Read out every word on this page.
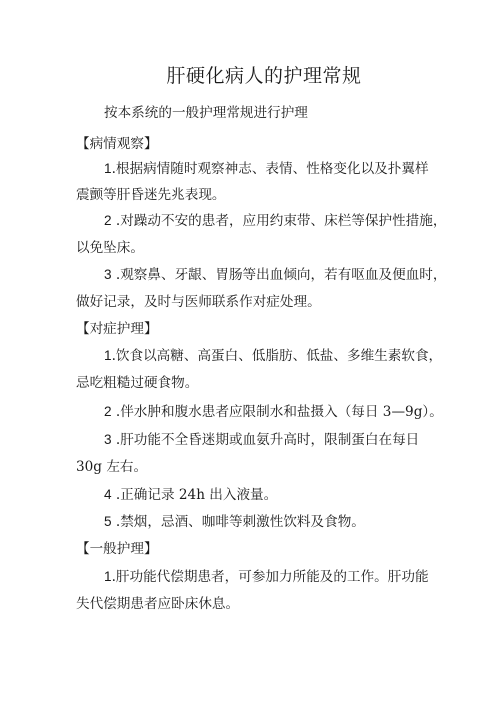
肝硬化病人的护理常规
按本系统的一般护理常规进行护理
【病情观察】
1.根据病情随时观察神志、表情、性格变化以及扑翼样
震颤等肝昏迷先兆表现。
2 .对躁动不安的患者，应用约束带、床栏等保护性措施，
以免坠床。
3 .观察鼻、牙龈、胃肠等出血倾向，若有呕血及便血时，
做好记录，及时与医师联系作对症处理。
【对症护理】
1.饮食以高糖、高蛋白、低脂肪、低盐、多维生素软食，
忌吃粗糙过硬食物。
2 .伴水肿和腹水患者应限制水和盐摄入（每日 3—9g）。
3 .肝功能不全昏迷期或血氨升高时，限制蛋白在每日
30g 左右。
4 .正确记录 24h 出入液量。
5 .禁烟，忌酒、咖啡等刺激性饮料及食物。
【一般护理】
1.肝功能代偿期患者，可参加力所能及的工作。肝功能
失代偿期患者应卧床休息。
